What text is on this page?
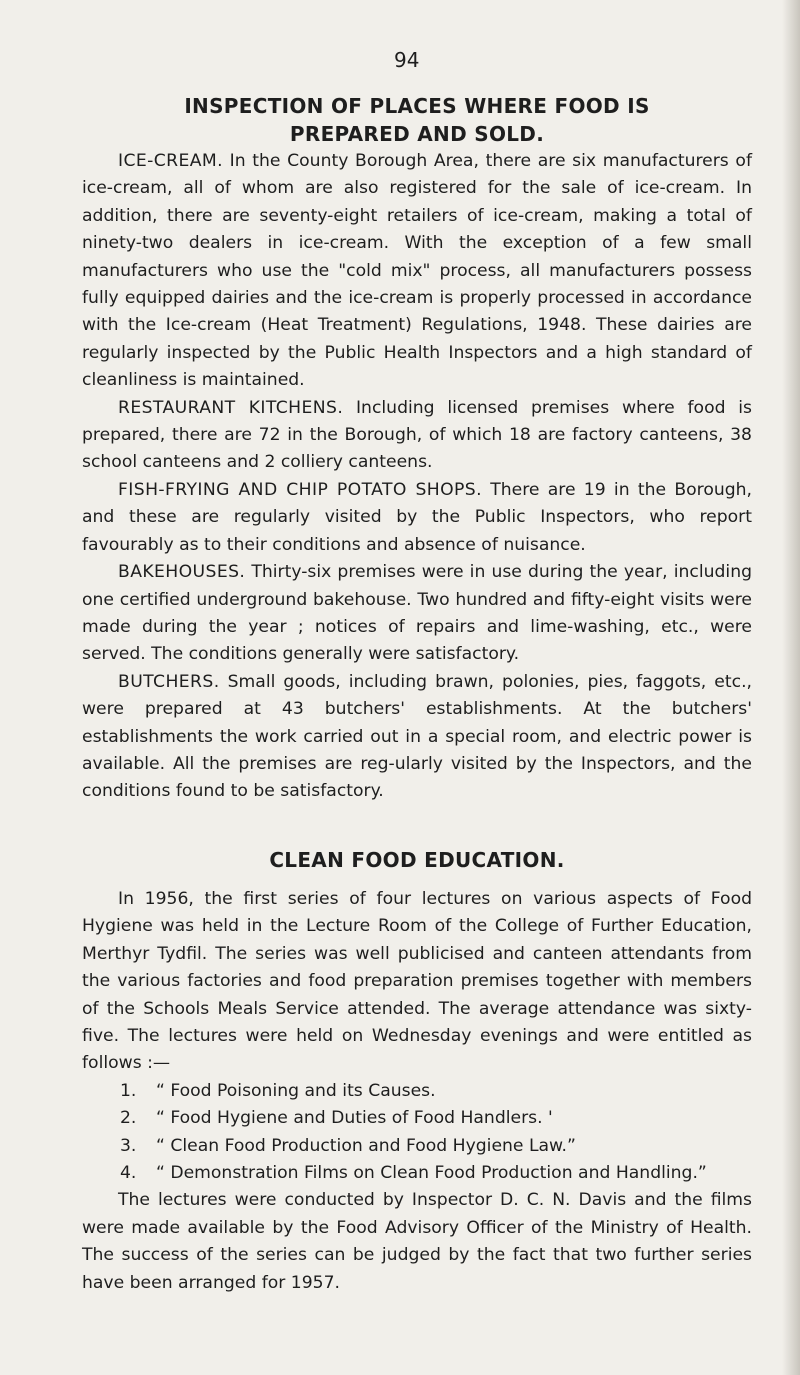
94
INSPECTION OF PLACES WHERE FOOD IS
PREPARED AND SOLD.

ICE-CREAM. In the County Borough Area, there are six manufacturers of ice-cream, all of whom are also registered for the sale of ice-cream. In addition, there are seventy-eight retailers of ice-cream, making a total of ninety-two dealers in ice-cream. With the exception of a few small manufacturers who use the "cold mix" process, all manufacturers possess fully equipped dairies and the ice-cream is properly processed in accordance with the Ice-cream (Heat Treatment) Regulations, 1948. These dairies are regularly inspected by the Public Health Inspectors and a high standard of cleanliness is maintained.

RESTAURANT KITCHENS. Including licensed premises where food is prepared, there are 72 in the Borough, of which 18 are factory canteens, 38 school canteens and 2 colliery canteens.

FISH-FRYING AND CHIP POTATO SHOPS. There are 19 in the Borough, and these are regularly visited by the Public Inspectors, who report favourably as to their conditions and absence of nuisance.

BAKEHOUSES. Thirty-six premises were in use during the year, including one certified underground bakehouse. Two hundred and fifty-eight visits were made during the year ; notices of repairs and lime-washing, etc., were served. The conditions generally were satisfactory.

BUTCHERS. Small goods, including brawn, polonies, pies, faggots, etc., were prepared at 43 butchers' establishments. At the butchers' establishments the work carried out in a special room, and electric power is available. All the premises are reg-ularly visited by the Inspectors, and the conditions found to be satisfactory.

CLEAN FOOD EDUCATION.

In 1956, the first series of four lectures on various aspects of Food Hygiene was held in the Lecture Room of the College of Further Education, Merthyr Tydfil. The series was well publicised and canteen attendants from the various factories and food preparation premises together with members of the Schools Meals Service attended. The average attendance was sixty-five. The lectures were held on Wednesday evenings and were entitled as follows :—

1.	“ Food Poisoning and its Causes.
2.	“ Food Hygiene and Duties of Food Handlers. '
3.	“ Clean Food Production and Food Hygiene Law.”
4.	“ Demonstration Films on Clean Food Production and Handling.”

The lectures were conducted by Inspector D. C. N. Davis and the films were made available by the Food Advisory Officer of the Ministry of Health. The success of the series can be judged by the fact that two further series have been arranged for 1957.
